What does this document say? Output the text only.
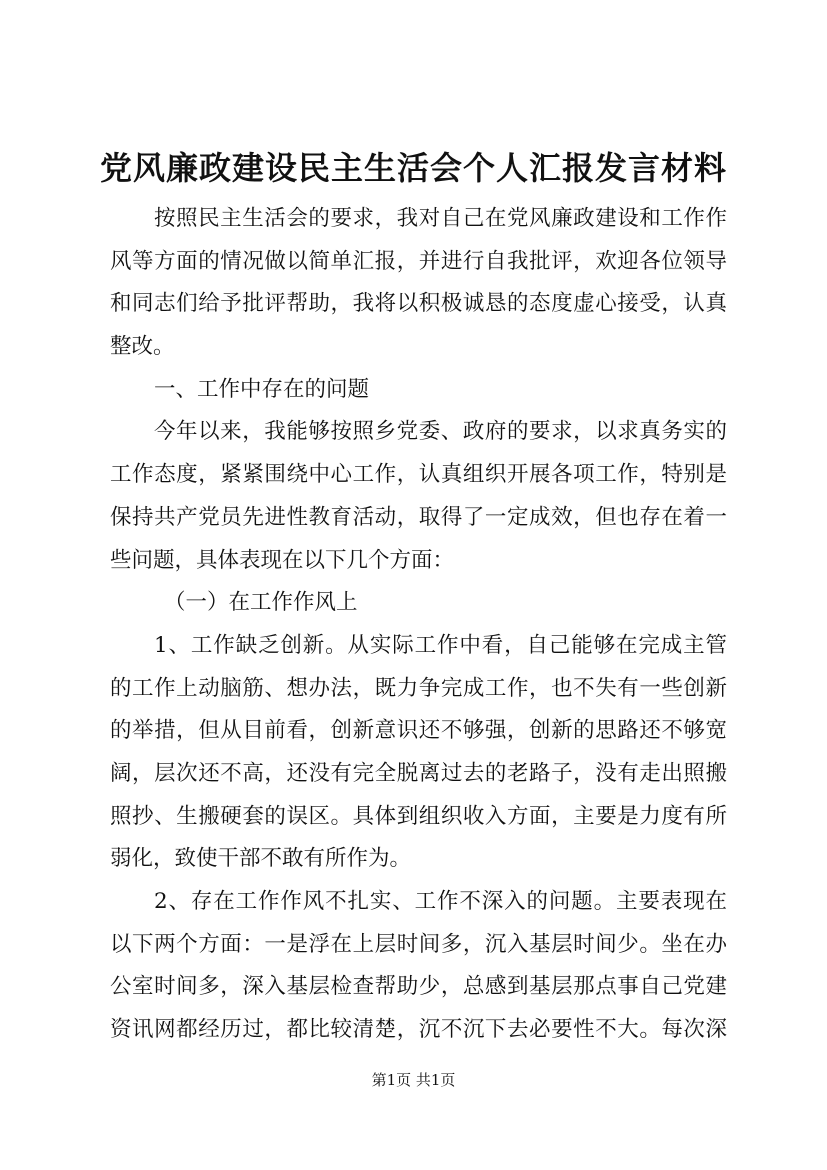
党风廉政建设民主生活会个人汇报发言材料
按照民主生活会的要求，我对自己在党风廉政建设和工作作
风等方面的情况做以简单汇报，并进行自我批评，欢迎各位领导
和同志们给予批评帮助，我将以积极诚恳的态度虚心接受，认真
整改。
一、工作中存在的问题
今年以来，我能够按照乡党委、政府的要求，以求真务实的
工作态度，紧紧围绕中心工作，认真组织开展各项工作，特别是
保持共产党员先进性教育活动，取得了一定成效，但也存在着一
些问题，具体表现在以下几个方面：
（一）在工作作风上
1、工作缺乏创新。从实际工作中看，自己能够在完成主管
的工作上动脑筋、想办法，既力争完成工作，也不失有一些创新
的举措，但从目前看，创新意识还不够强，创新的思路还不够宽
阔，层次还不高，还没有完全脱离过去的老路子，没有走出照搬
照抄、生搬硬套的误区。具体到组织收入方面，主要是力度有所
弱化，致使干部不敢有所作为。
2、存在工作作风不扎实、工作不深入的问题。主要表现在
以下两个方面：一是浮在上层时间多，沉入基层时间少。坐在办
公室时间多，深入基层检查帮助少，总感到基层那点事自己党建
资讯网都经历过，都比较清楚，沉不沉下去必要性不大。每次深
第1页 共1页
